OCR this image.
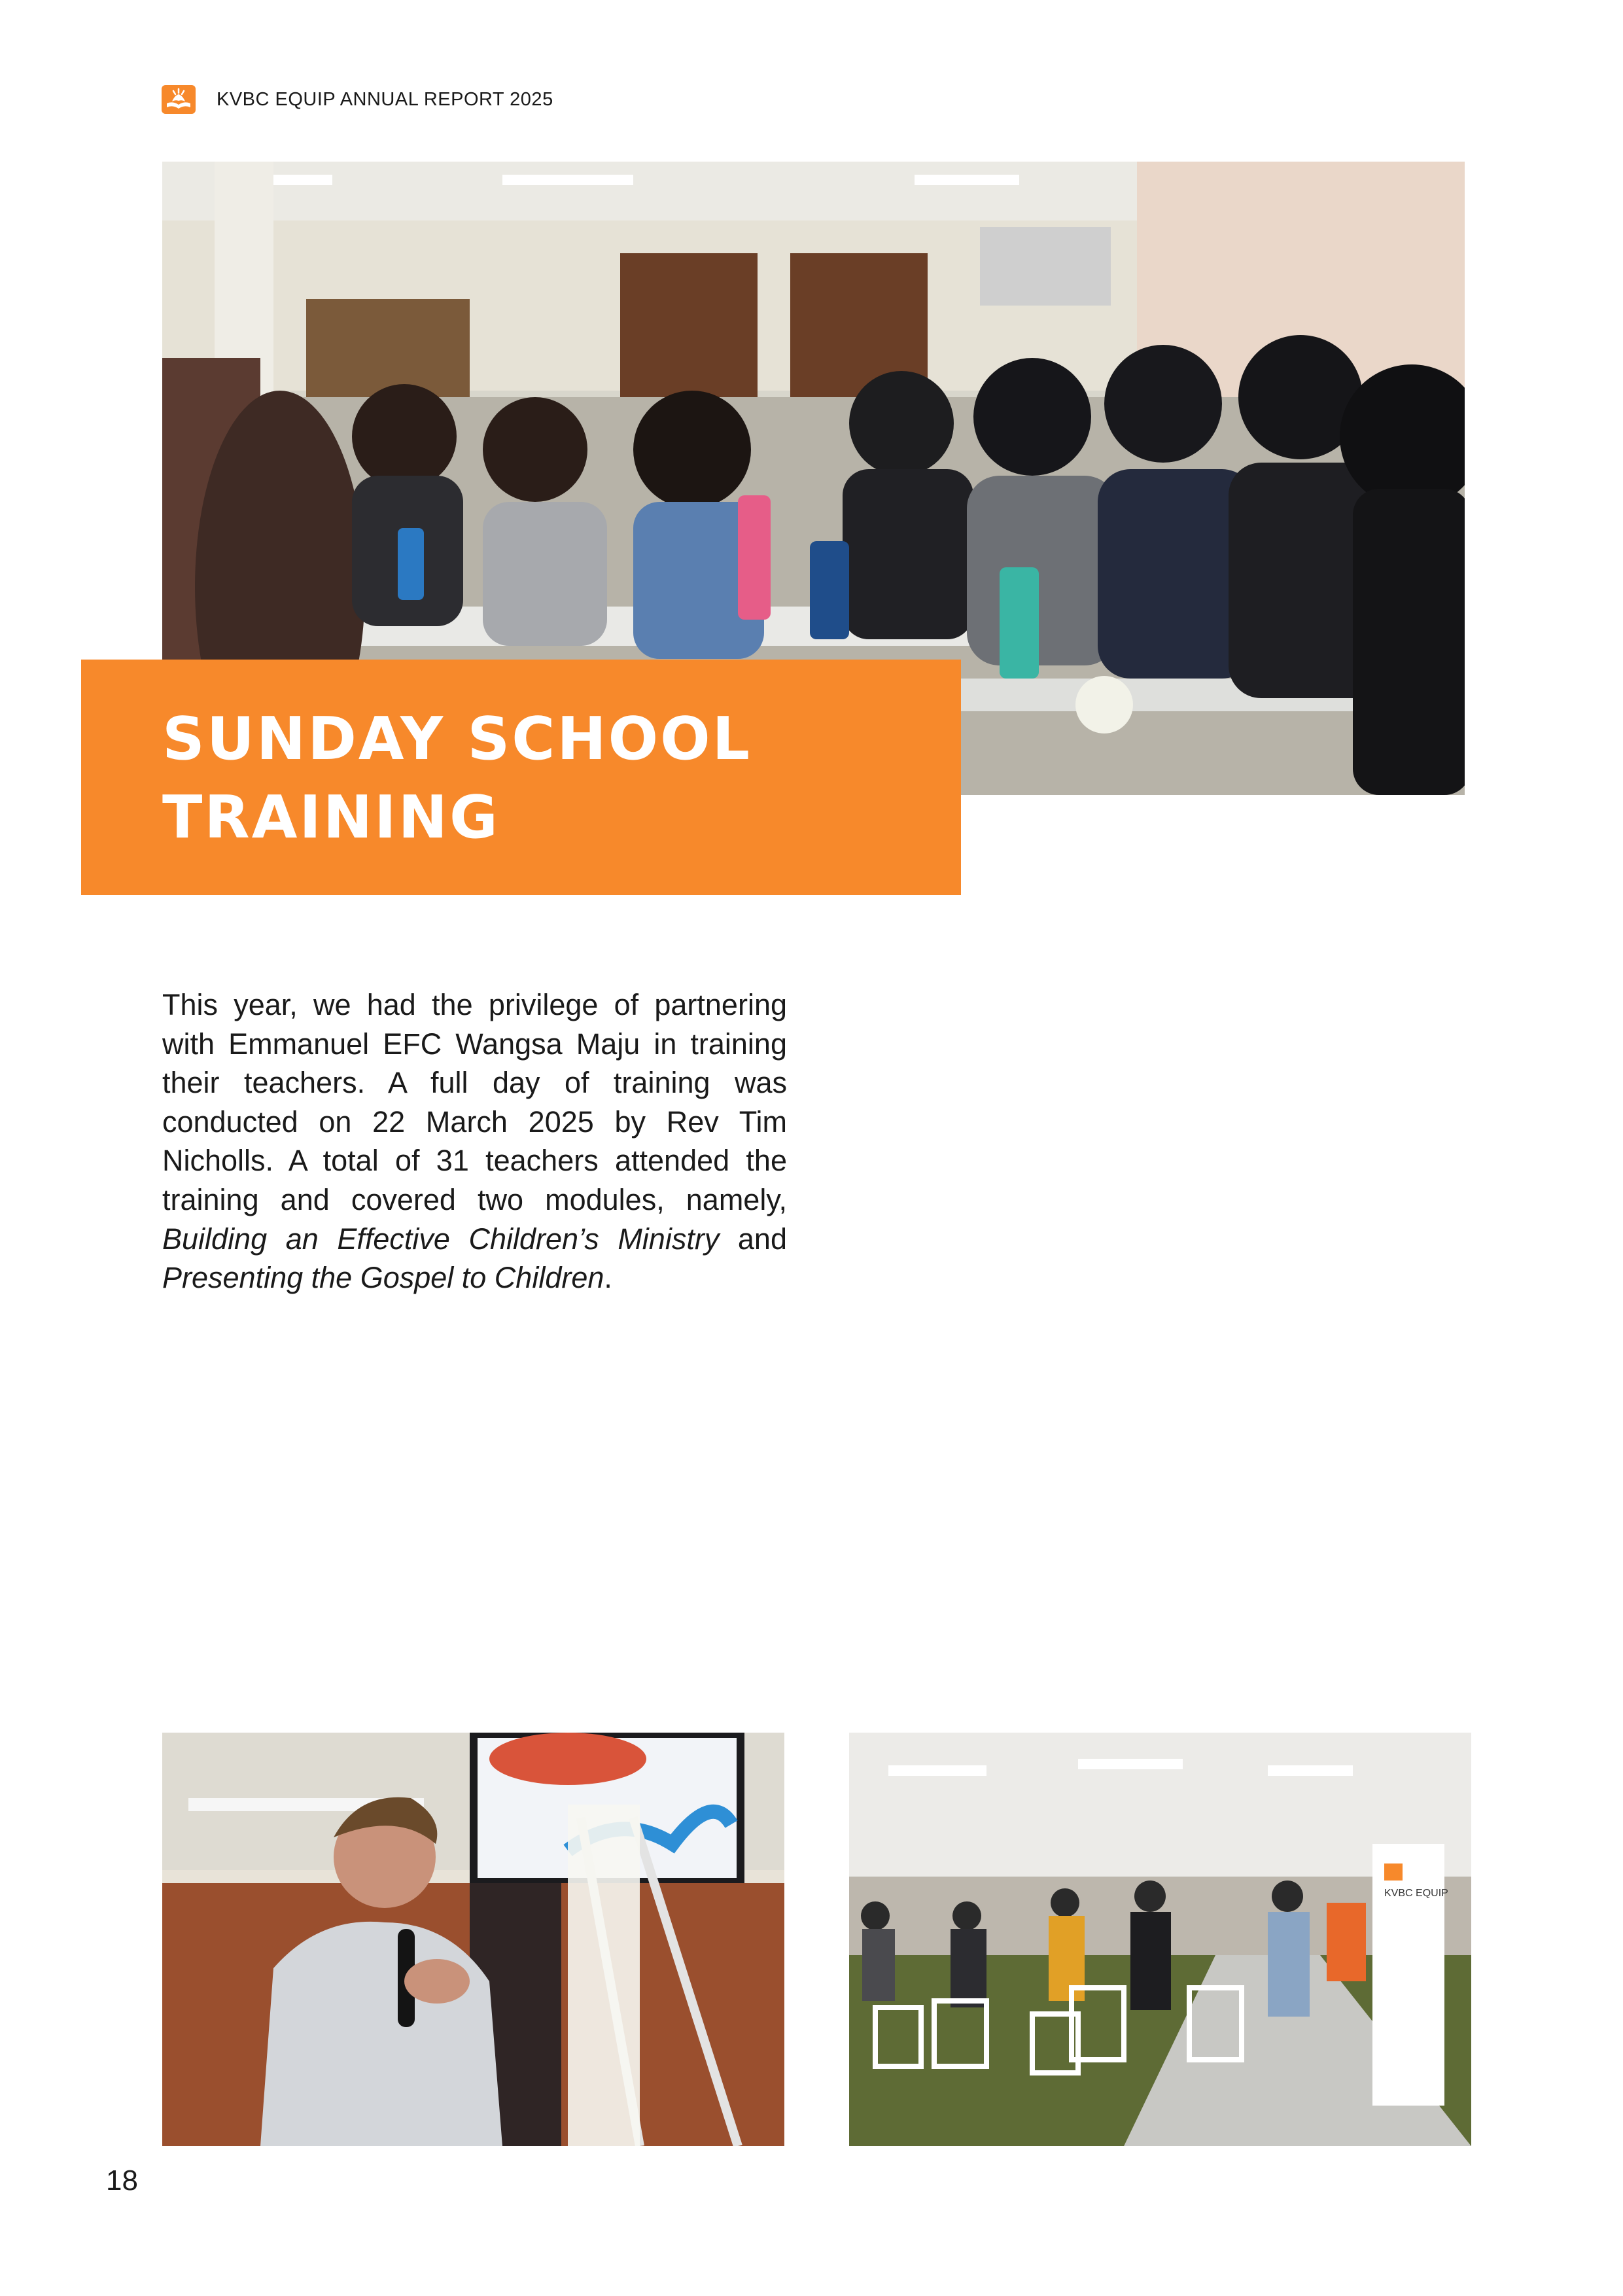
KVBC EQUIP ANNUAL REPORT 2025
SUNDAY SCHOOL
TRAINING
This year, we had the privilege of partnering with Emmanuel EFC Wangsa Maju in training their teachers. A full day of training was conducted on 22 March 2025 by Rev Tim Nicholls. A total of 31 teachers attended the training and covered two modules, namely, Building an Effective Children’s Ministry and Presenting the Gospel to Children.
KVBC EQUIP
18
